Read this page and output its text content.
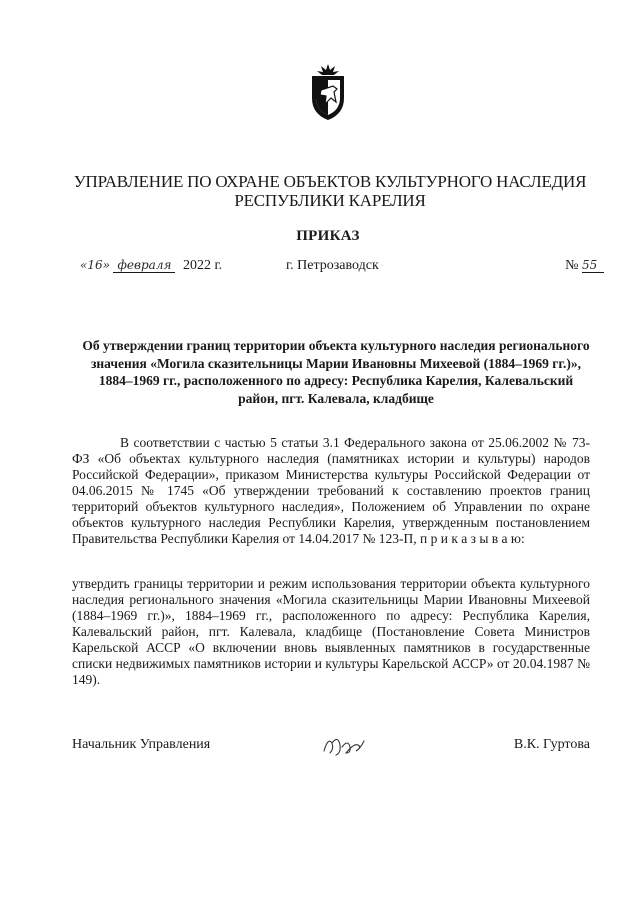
УПРАВЛЕНИЕ ПО ОХРАНЕ ОБЪЕКТОВ КУЛЬТУРНОГО НАСЛЕДИЯ
РЕСПУБЛИКИ КАРЕЛИЯ
ПРИКАЗ
«16» февраля 2022 г.	г. Петрозаводск	№ 55
Об утверждении границ территории объекта культурного наследия регионального значения «Могила сказительницы Марии Ивановны Михеевой (1884–1969 гг.)», 1884–1969 гг., расположенного по адресу: Республика Карелия, Калевальский район, пгт. Калевала, кладбище

В соответствии с частью 5 статьи 3.1 Федерального закона от 25.06.2002 № 73-ФЗ «Об объектах культурного наследия (памятниках истории и культуры) народов Российской Федерации», приказом Министерства культуры Российской Федерации от 04.06.2015 № 1745 «Об утверждении требований к составлению проектов границ территорий объектов культурного наследия», Положением об Управлении по охране объектов культурного наследия Республики Карелия, утвержденным постановлением Правительства Республики Карелия от 14.04.2017 № 123-П, п р и к а з ы в а ю:

утвердить границы территории и режим использования территории объекта культурного наследия регионального значения «Могила сказительницы Марии Ивановны Михеевой (1884–1969 гг.)», 1884–1969 гг., расположенного по адресу: Республика Карелия, Калевальский район, пгт. Калевала, кладбище (Постановление Совета Министров Карельской АССР «О включении вновь выявленных памятников в государственные списки недвижимых памятников истории и культуры Карельской АССР» от 20.04.1987 № 149).

Начальник Управления	В.К. Гуртова
